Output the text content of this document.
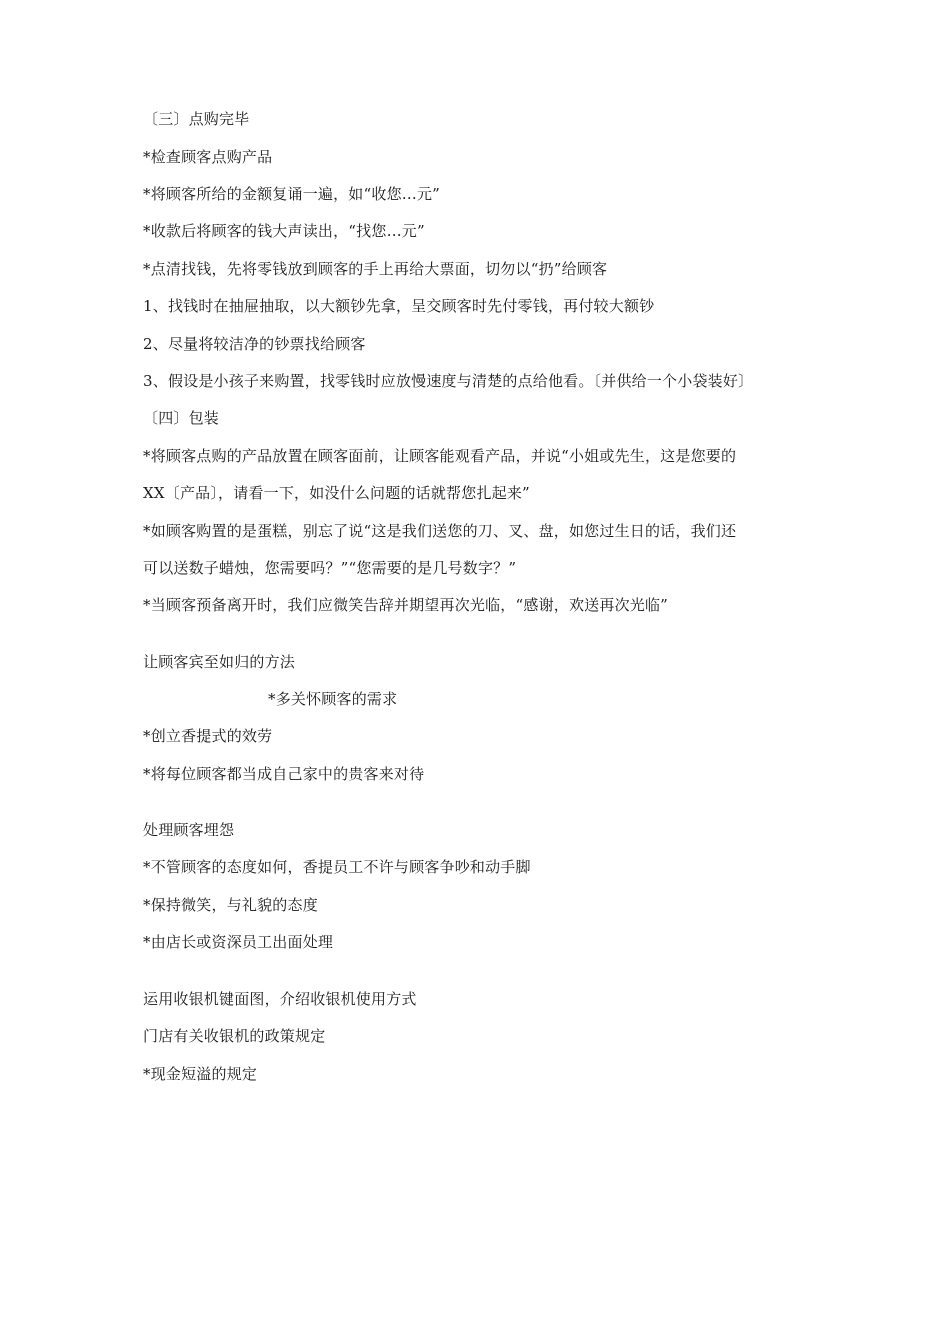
〔三〕点购完毕
*检查顾客点购产品
*将顾客所给的金额复诵一遍，如“收您…元”
*收款后将顾客的钱大声读出，“找您…元”
*点清找钱，先将零钱放到顾客的手上再给大票面，切勿以“扔”给顾客
1、找钱时在抽屉抽取，以大额钞先拿，呈交顾客时先付零钱，再付较大额钞
2、尽量将较洁净的钞票找给顾客
3、假设是小孩子来购置，找零钱时应放慢速度与清楚的点给他看。〔并供给一个小袋装好〕
〔四〕包装
*将顾客点购的产品放置在顾客面前，让顾客能观看产品，并说“小姐或先生，这是您要的
XX〔产品〕，请看一下，如没什么问题的话就帮您扎起来”
*如顾客购置的是蛋糕，别忘了说“这是我们送您的刀、叉、盘，如您过生日的话，我们还
可以送数子蜡烛，您需要吗？”“您需要的是几号数字？”
*当顾客预备离开时，我们应微笑告辞并期望再次光临，“感谢，欢送再次光临”
让顾客宾至如归的方法
*多关怀顾客的需求
*创立香提式的效劳
*将每位顾客都当成自己家中的贵客来对待
处理顾客埋怨
*不管顾客的态度如何，香提员工不许与顾客争吵和动手脚
*保持微笑，与礼貌的态度
*由店长或资深员工出面处理
运用收银机键面图，介绍收银机使用方式
门店有关收银机的政策规定
*现金短溢的规定
